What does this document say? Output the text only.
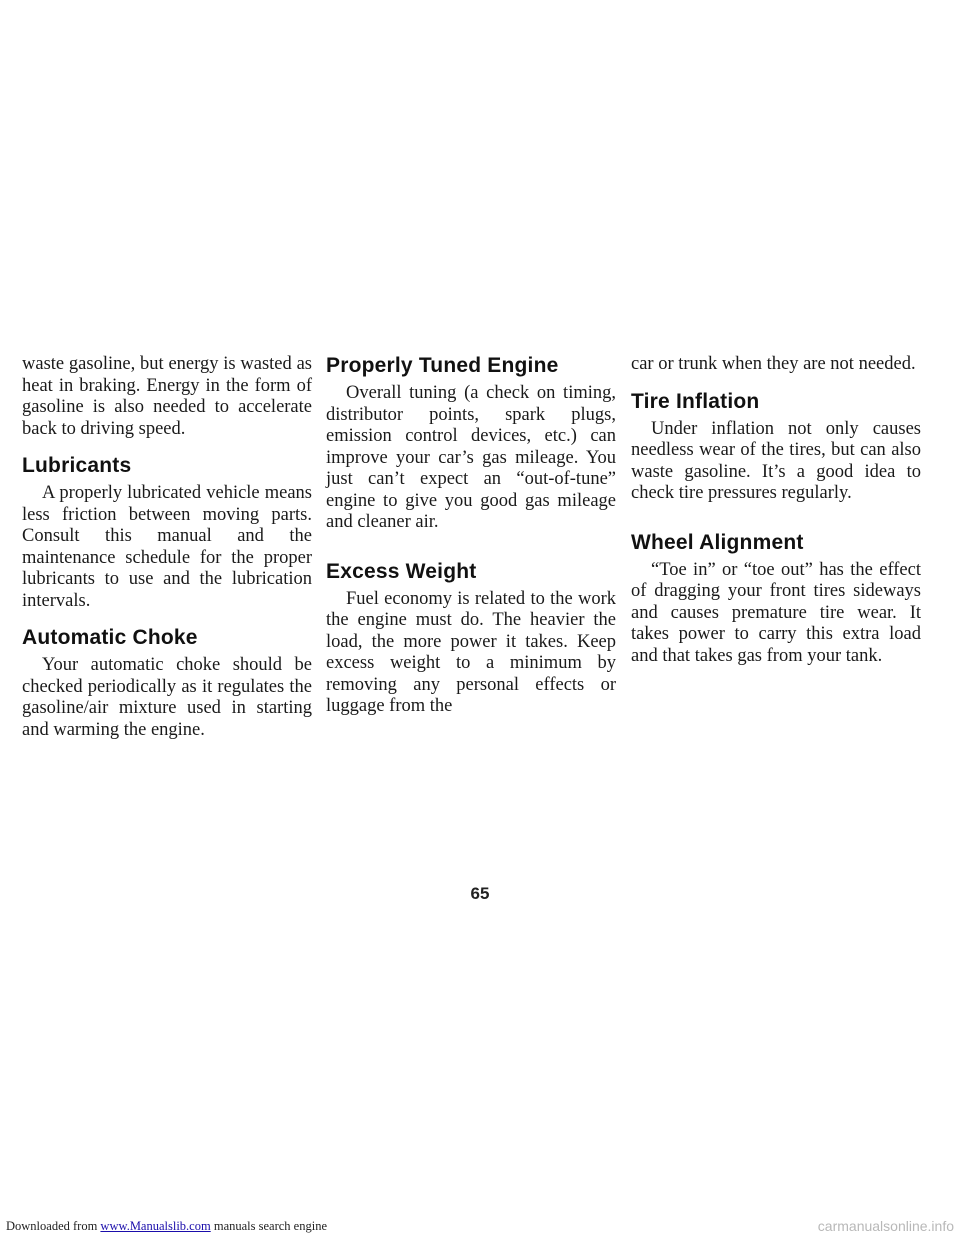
waste gasoline, but energy is wasted as heat in braking. Energy in the form of gasoline is also needed to accelerate back to driving speed.

Lubricants

A properly lubricated vehicle means less friction between moving parts. Consult this manual and the maintenance schedule for the proper lubricants to use and the lubrication intervals.

Automatic Choke

Your automatic choke should be checked periodically as it regulates the gasoline/air mixture used in starting and warming the engine.

Properly Tuned Engine

Overall tuning (a check on timing, distributor points, spark plugs, emission control devices, etc.) can improve your car’s gas mileage. You just can’t expect an “out-of-tune” engine to give you good gas mileage and cleaner air.

Excess Weight

Fuel economy is related to the work the engine must do. The heavier the load, the more power it takes. Keep excess weight to a minimum by removing any personal effects or luggage from the

car or trunk when they are not needed.

Tire Inflation

Under inflation not only causes needless wear of the tires, but can also waste gasoline. It’s a good idea to check tire pressures regularly.

Wheel Alignment

“Toe in” or “toe out” has the effect of dragging your front tires sideways and causes premature tire wear. It takes power to carry this extra load and that takes gas from your tank.

65
Downloaded from www.Manualslib.com manuals search engine	carmanualsonline.info
